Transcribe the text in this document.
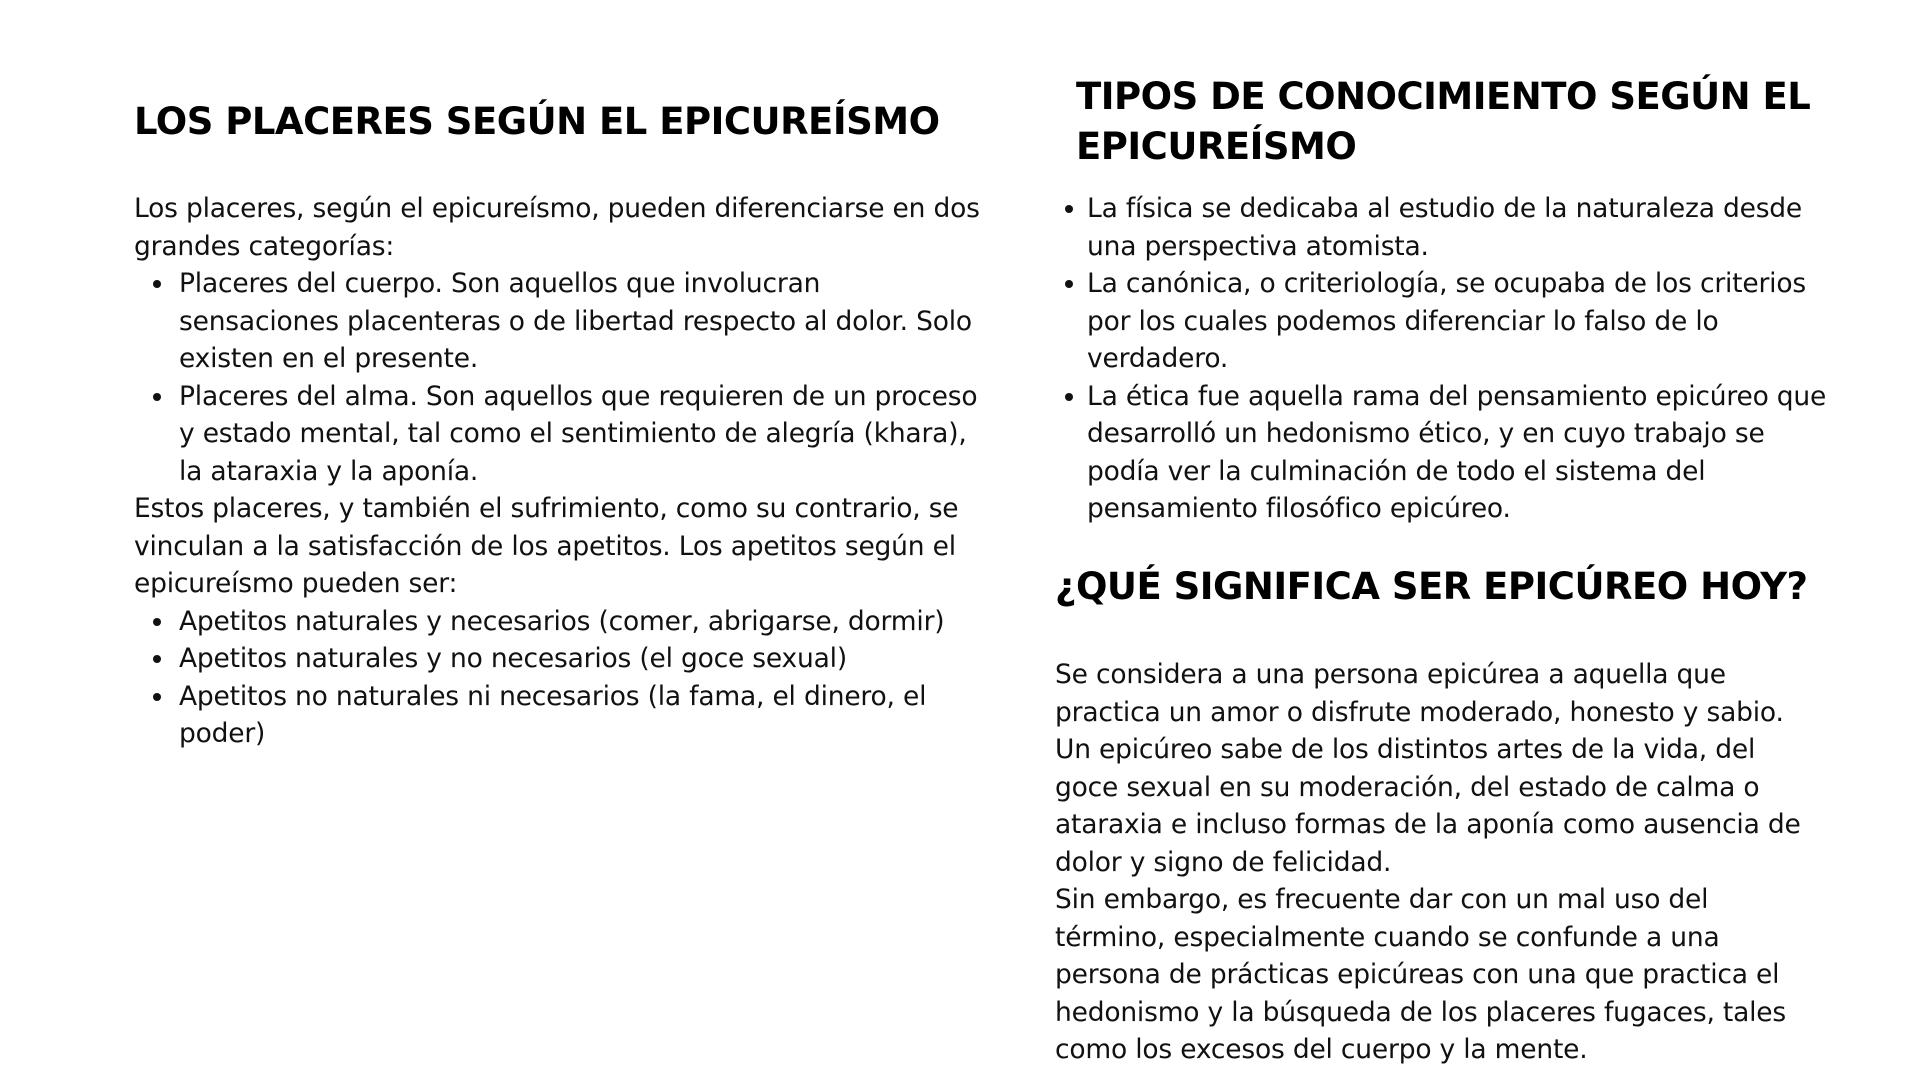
LOS PLACERES SEGÚN EL EPICUREÍSMO

Los placeres, según el epicureísmo, pueden diferenciarse en dos grandes categorías:

Placeres del cuerpo. Son aquellos que involucran sensaciones placenteras o de libertad respecto al dolor. Solo existen en el presente.
Placeres del alma. Son aquellos que requieren de un proceso y estado mental, tal como el sentimiento de alegría (khara), la ataraxia y la aponía.

Estos placeres, y también el sufrimiento, como su contrario, se vinculan a la satisfacción de los apetitos. Los apetitos según el epicureísmo pueden ser:

Apetitos naturales y necesarios (comer, abrigarse, dormir)
Apetitos naturales y no necesarios (el goce sexual)
Apetitos no naturales ni necesarios (la fama, el dinero, el poder)
TIPOS DE CONOCIMIENTO SEGÚN EL EPICUREÍSMO
La física se dedicaba al estudio de la naturaleza desde una perspectiva atomista.
La canónica, o criteriología, se ocupaba de los criterios por los cuales podemos diferenciar lo falso de lo verdadero.
La ética fue aquella rama del pensamiento epicúreo que desarrolló un hedonismo ético, y en cuyo trabajo se podía ver la culminación de todo el sistema del pensamiento filosófico epicúreo.
¿QUÉ SIGNIFICA SER EPICÚREO HOY?

Se considera a una persona epicúrea a aquella que practica un amor o disfrute moderado, honesto y sabio. Un epicúreo sabe de los distintos artes de la vida, del goce sexual en su moderación, del estado de calma o ataraxia e incluso formas de la aponía como ausencia de dolor y signo de felicidad.

Sin embargo, es frecuente dar con un mal uso del término, especialmente cuando se confunde a una persona de prácticas epicúreas con una que practica el hedonismo y la búsqueda de los placeres fugaces, tales como los excesos del cuerpo y la mente.
